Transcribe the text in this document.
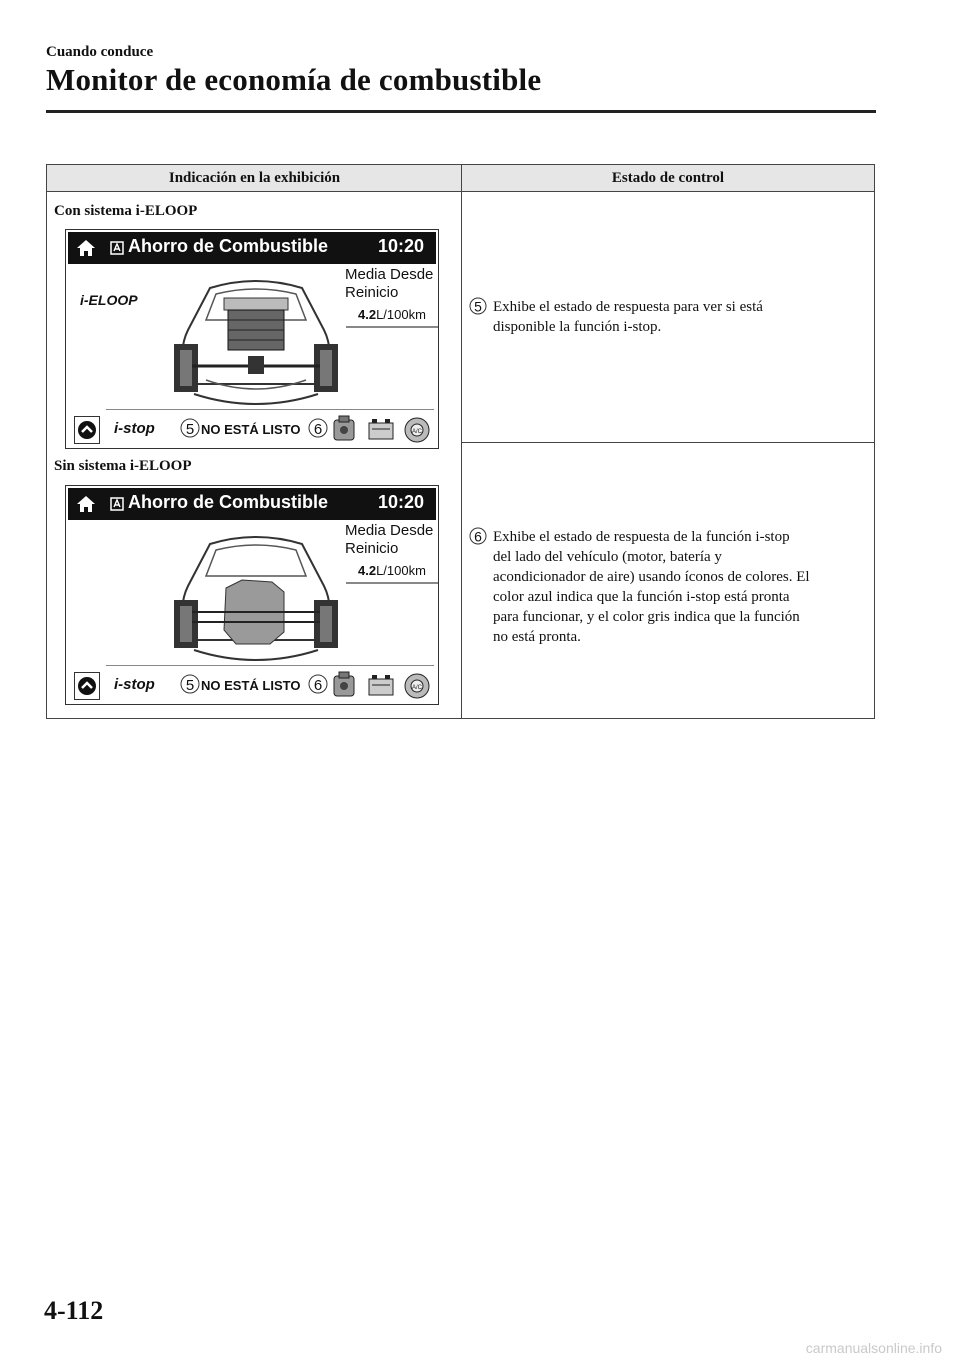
Cuando conduce
Monitor de economía de combustible
Indicación en la exhibición	Estado de control
Con sistema i-ELOOP
Ahorro de Combustible	10:20
i-ELOOP
Media Desde
Reinicio
4.2L/100km
i-stop 5 NO ESTÁ LISTO 6	A/C
5 Exhibe el estado de respuesta para ver si está
disponible la función i-stop.
Sin sistema i-ELOOP
Ahorro de Combustible	10:20
Media Desde
Reinicio
4.2L/100km
i-stop 5 NO ESTÁ LISTO 6	A/C
6 Exhibe el estado de respuesta de la función i-stop
del lado del vehículo (motor, batería y
acondicionador de aire) usando íconos de colores. El
color azul indica que la función i-stop está pronta
para funcionar, y el color gris indica que la función
no está pronta.
4-112
carmanualsonline.info
